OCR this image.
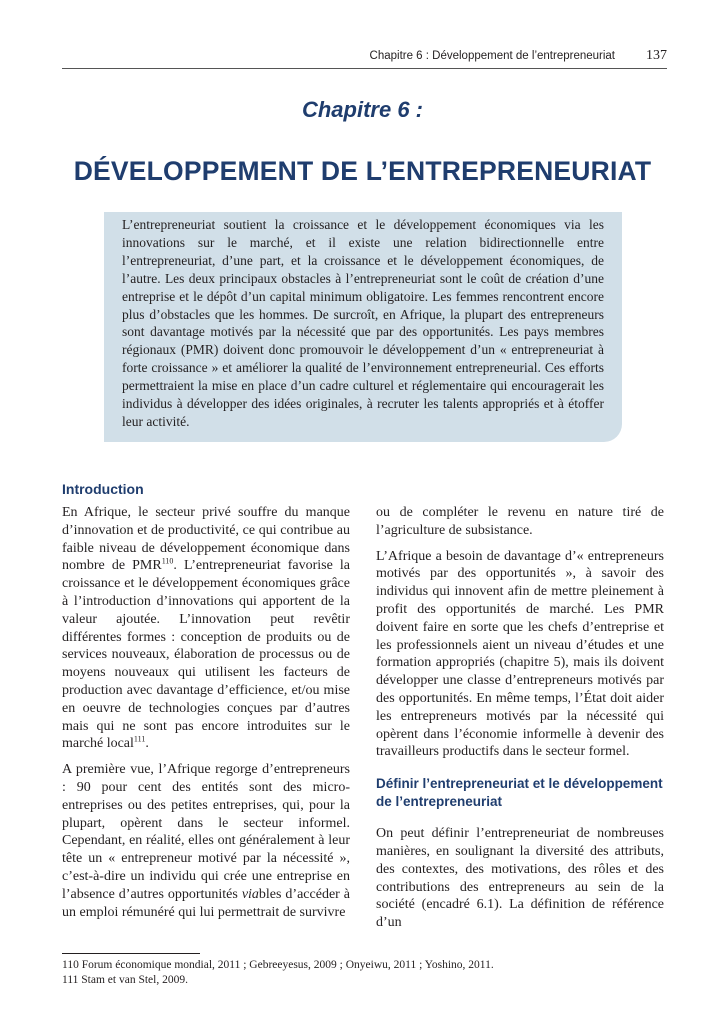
Chapitre 6 : Développement de l’entrepreneuriat 137
Chapitre 6 :
DÉVELOPPEMENT DE L’ENTREPRENEURIAT

L’entrepreneuriat soutient la croissance et le développement économiques via les innovations sur le marché, et il existe une relation bidirectionnelle entre l’entrepreneuriat, d’une part, et la croissance et le développement économiques, de l’autre. Les deux principaux obstacles à l’entrepreneuriat sont le coût de création d’une entreprise et le dépôt d’un capital minimum obligatoire. Les femmes rencontrent encore plus d’obstacles que les hommes. De surcroît, en Afrique, la plupart des entrepreneurs sont davantage motivés par la nécessité que par des opportunités. Les pays membres régionaux (PMR) doivent donc promouvoir le développement d’un « entrepreneuriat à forte croissance » et améliorer la qualité de l’environnement entrepreneurial. Ces efforts permettraient la mise en place d’un cadre culturel et réglementaire qui encouragerait les individus à développer des idées originales, à recruter les talents appropriés et à étoffer leur activité.

Introduction

En Afrique, le secteur privé souffre du manque d’innovation et de productivité, ce qui contribue au faible niveau de développement économique dans nombre de PMR$^{110}$. L’entrepreneuriat favorise la croissance et le développement économiques grâce à l’introduction d’innovations qui apportent de la valeur ajoutée. L’innovation peut revêtir différentes formes : conception de produits ou de services nouveaux, élaboration de processus ou de moyens nouveaux qui utilisent les facteurs de production avec davantage d’efficience, et/ou mise en oeuvre de technologies conçues par d’autres mais qui ne sont pas encore introduites sur le marché local$^{111}$.

A première vue, l’Afrique regorge d’entrepreneurs : 90 pour cent des entités sont des micro-entreprises ou des petites entreprises, qui, pour la plupart, opèrent dans le secteur informel. Cependant, en réalité, elles ont généralement à leur tête un « entrepreneur motivé par la nécessité », c’est-à-dire un individu qui crée une entreprise en l’absence d’autres opportunités viables d’accéder à un emploi rémunéré qui lui permettrait de survivre

ou de compléter le revenu en nature tiré de l’agriculture de subsistance.

L’Afrique a besoin de davantage d’« entrepreneurs motivés par des opportunités », à savoir des individus qui innovent afin de mettre pleinement à profit des opportunités de marché. Les PMR doivent faire en sorte que les chefs d’entreprise et les professionnels aient un niveau d’études et une formation appropriés (chapitre 5), mais ils doivent développer une classe d’entrepreneurs motivés par des opportunités. En même temps, l’État doit aider les entrepreneurs motivés par la nécessité qui opèrent dans l’économie informelle à devenir des travailleurs productifs dans le secteur formel.

Définir l’entrepreneuriat et le développement de l’entrepreneuriat

On peut définir l’entrepreneuriat de nombreuses manières, en soulignant la diversité des attributs, des contextes, des motivations, des rôles et des contributions des entrepreneurs au sein de la société (encadré 6.1). La définition de référence d’un

110 Forum économique mondial, 2011 ; Gebreeyesus, 2009 ; Onyeiwu, 2011 ; Yoshino, 2011.
111 Stam et van Stel, 2009.
